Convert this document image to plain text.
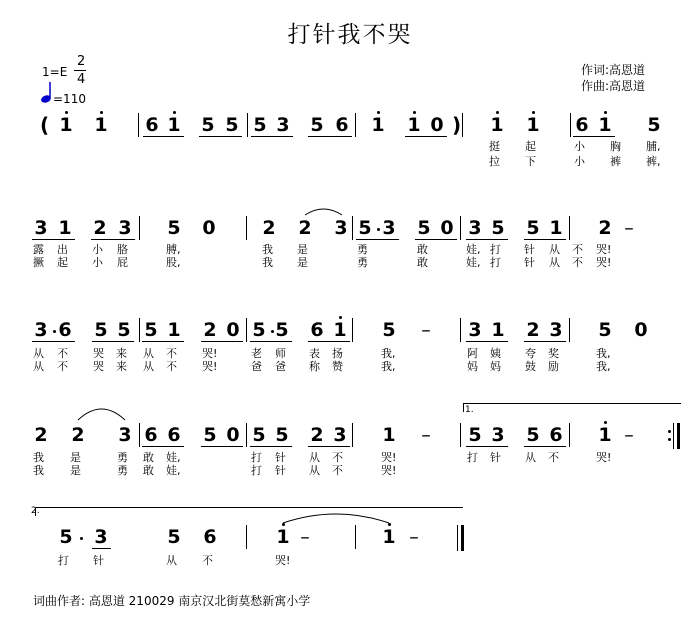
打针我不哭
1=E
2
4
=110
作词:高恩道
作曲:高恩道
( 1 1 6 1 5 5 5 3 5 6 1 1 0 ) 1 1 6 1 5
挺
拉
起
下
小
小
胸
裤
脯,
裤,
3 1 2 3 5 0 2 2 3 5 3 5 0 3 5 5 1 2 –
露
撅
出
起
小
小
胳
屁
膊,
股,
我
我
是
是
勇
勇
敢
敢
娃,
娃,
打
打
针
针
从
从
不
不
哭!
哭!
3 6 5 5 5 1 2 0 5 5 6 1 5 – 3 1 2 3 5 0
从
从
不
不
哭
哭
来
来
从
从
不
不
哭!
哭!
老
爸
师
爸
表
称
扬
赞
我,
我,
阿
妈
姨
妈
夸
鼓
奖
励
我,
我,
2 2 3 6 6 5 0 5 5 2 3 1 – 5 3 5 6 1 –
1.
我
我
是
是
勇
勇
敢
敢
娃,
娃,
打
打
针
针
从
从
不
不
哭!
哭!
打 针 从 不	哭!
2.
5 3	5 6	1 –	1 –
打 针	从 不	哭!
词曲作者: 高恩道 210029 南京汉北街莫愁新寓小学
